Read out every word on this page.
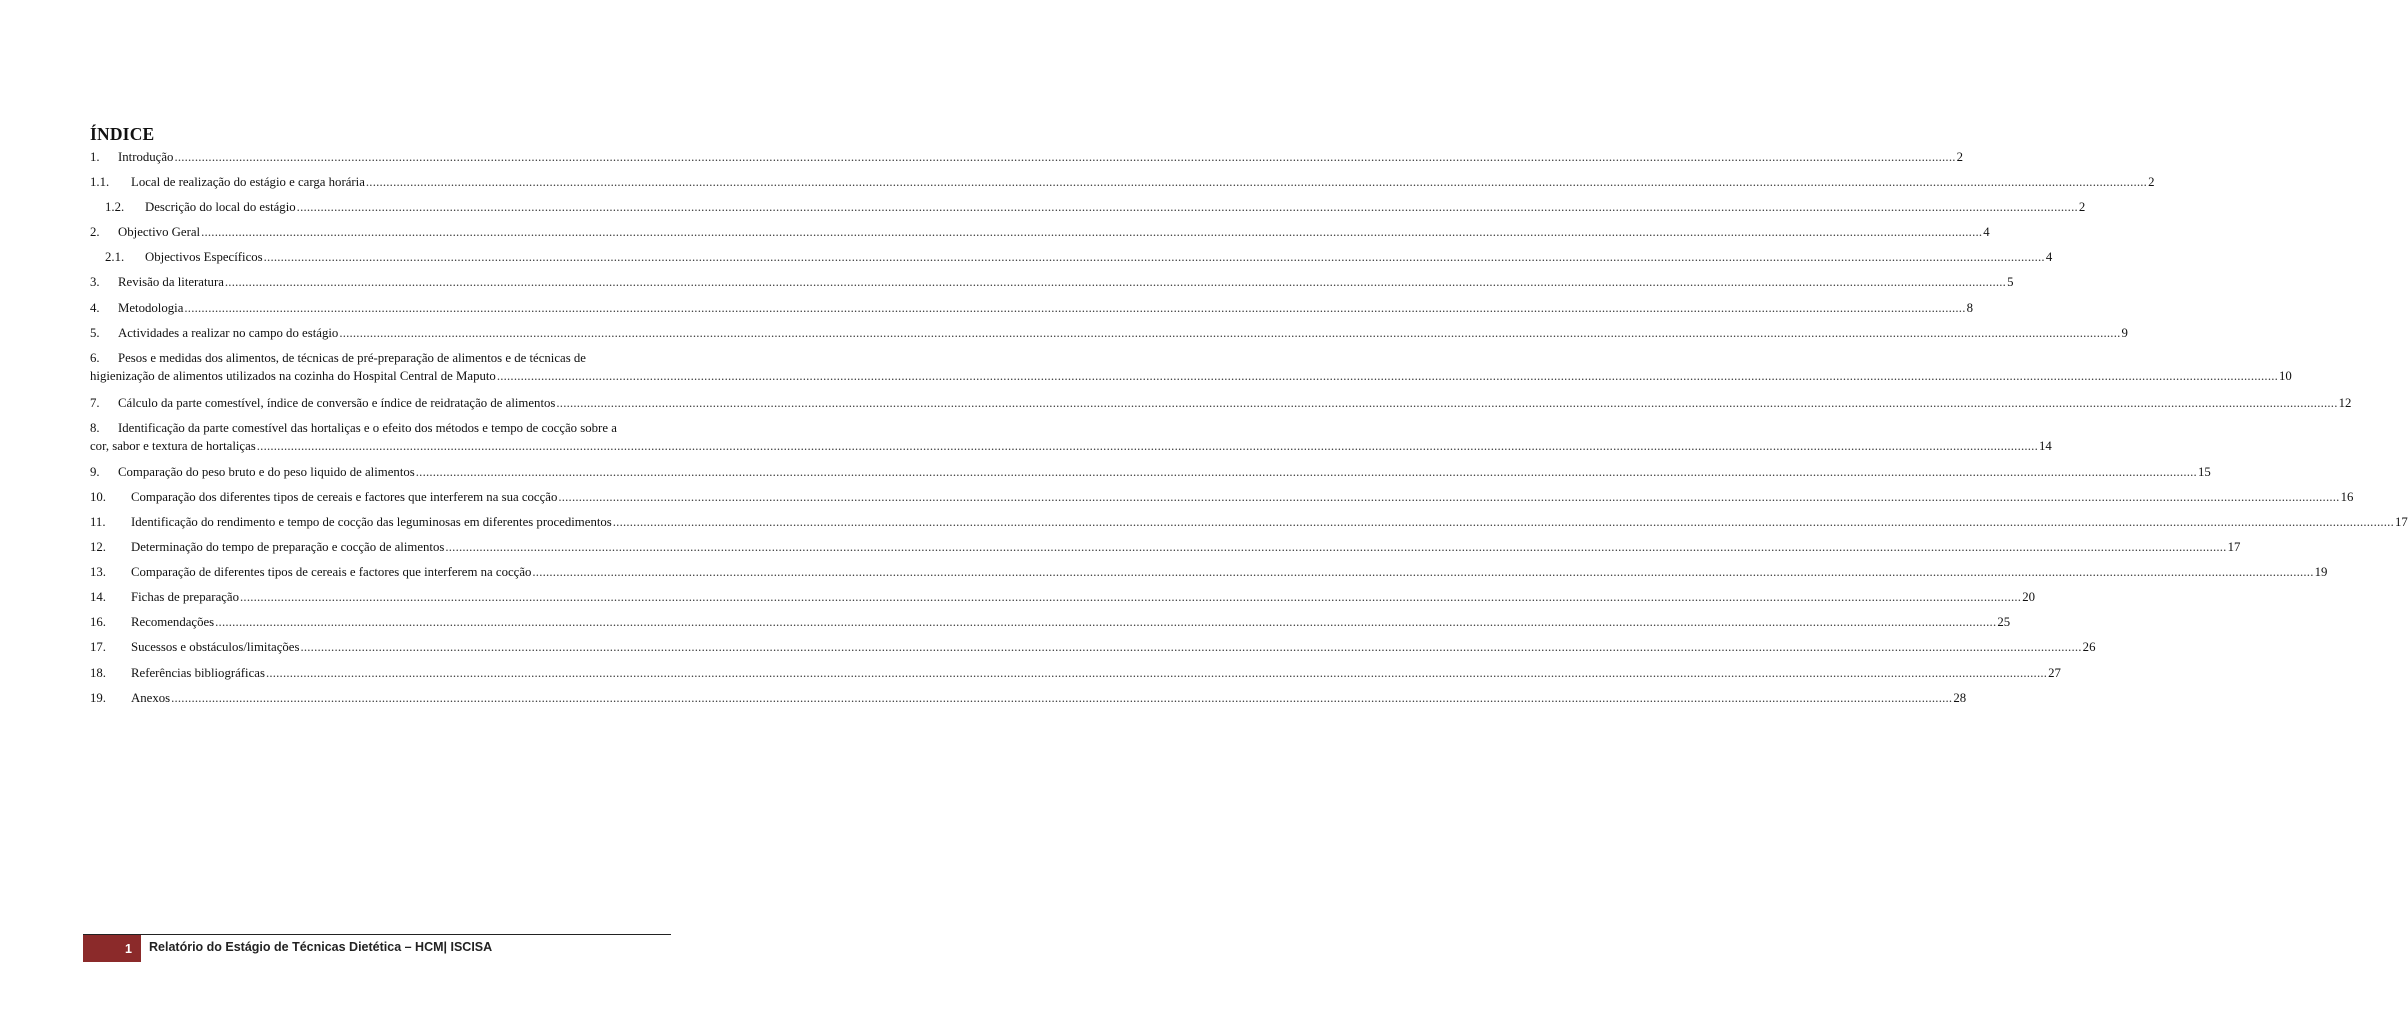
ÍNDICE
1.	Introdução .....	2
1.1.	Local de realização do estágio e carga horária .....	2
1.2.	Descrição do local do estágio .....	2
2.	Objectivo Geral .....	4
2.1.	Objectivos Específicos .....	4
3.	Revisão da literatura .....	5
4.	Metodologia .....	8
5.	Actividades a realizar no campo do estágio .....	9
6. Pesos e medidas dos alimentos, de técnicas de pré-preparação de alimentos e de técnicas de
higienização de alimentos utilizados na cozinha do Hospital Central de Maputo .....	10
7.	Cálculo da parte comestível, índice de conversão e índice de reidratação de alimentos .....	12
8. Identificação da parte comestível das hortaliças e o efeito dos métodos e tempo de cocção sobre a
cor, sabor e textura de hortaliças .....	14
9.	Comparação do peso bruto e do peso liquido de alimentos .....	15
10.	Comparação dos diferentes tipos de cereais e factores que interferem na sua cocção .....	16
11.	Identificação do rendimento e tempo de cocção das leguminosas em diferentes procedimentos .....	17
12.	Determinação do tempo de preparação e cocção de alimentos .....	17
13.	Comparação de diferentes tipos de cereais e factores que interferem na cocção .....	19
14.	Fichas de preparação .....	20
16.	Recomendações .....	25
17.	Sucessos e obstáculos/limitações .....	26
18.	Referências bibliográficas .....	27
19.	Anexos .....	28
1	Relatório do Estágio de Técnicas Dietética – HCM| ISCISA
